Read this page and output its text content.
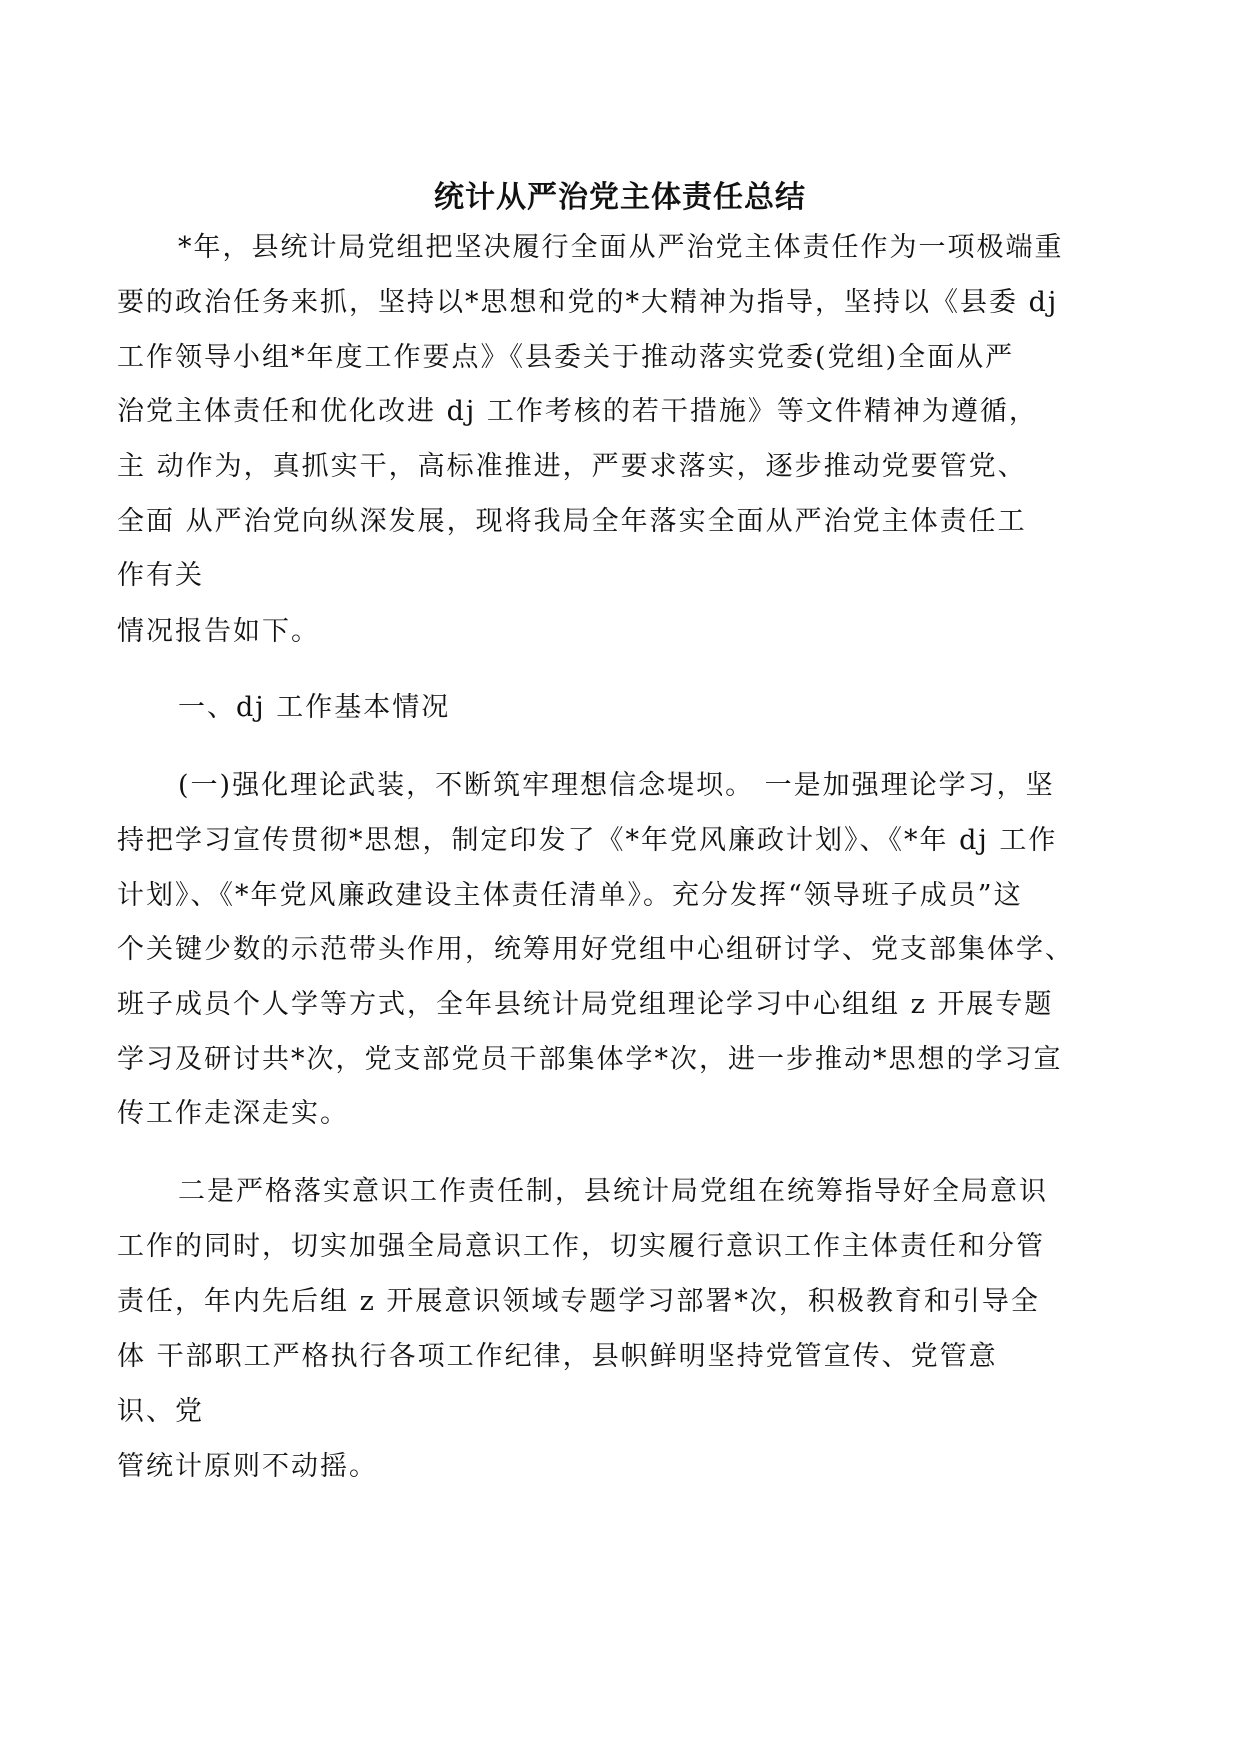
统计从严治党主体责任总结
*年，县统计局党组把坚决履行全面从严治党主体责任作为一项极端重
要的政治任务来抓，坚持以*思想和党的*大精神为指导，坚持以《县委 dj
工作领导小组*年度工作要点》《县委关于推动落实党委(党组)全面从严
治党主体责任和优化改进 dj 工作考核的若干措施》等文件精神为遵循，
主 动作为，真抓实干，高标准推进，严要求落实，逐步推动党要管党、
全面 从严治党向纵深发展，现将我局全年落实全面从严治党主体责任工
作有关
情况报告如下。
一、dj 工作基本情况
(一)强化理论武装，不断筑牢理想信念堤坝。 一是加强理论学习，坚
持把学习宣传贯彻*思想，制定印发了《*年党风廉政计划》、《*年 dj 工作
计划》、《*年党风廉政建设主体责任清单》。充分发挥“领导班子成员”这
个关键少数的示范带头作用，统筹用好党组中心组研讨学、党支部集体学、
班子成员个人学等方式，全年县统计局党组理论学习中心组组 z 开展专题
学习及研讨共*次，党支部党员干部集体学*次，进一步推动*思想的学习宣
传工作走深走实。
二是严格落实意识工作责任制，县统计局党组在统筹指导好全局意识
工作的同时，切实加强全局意识工作，切实履行意识工作主体责任和分管
责任，年内先后组 z 开展意识领域专题学习部署*次，积极教育和引导全
体 干部职工严格执行各项工作纪律，县帜鲜明坚持党管宣传、党管意
识、党
管统计原则不动摇。
